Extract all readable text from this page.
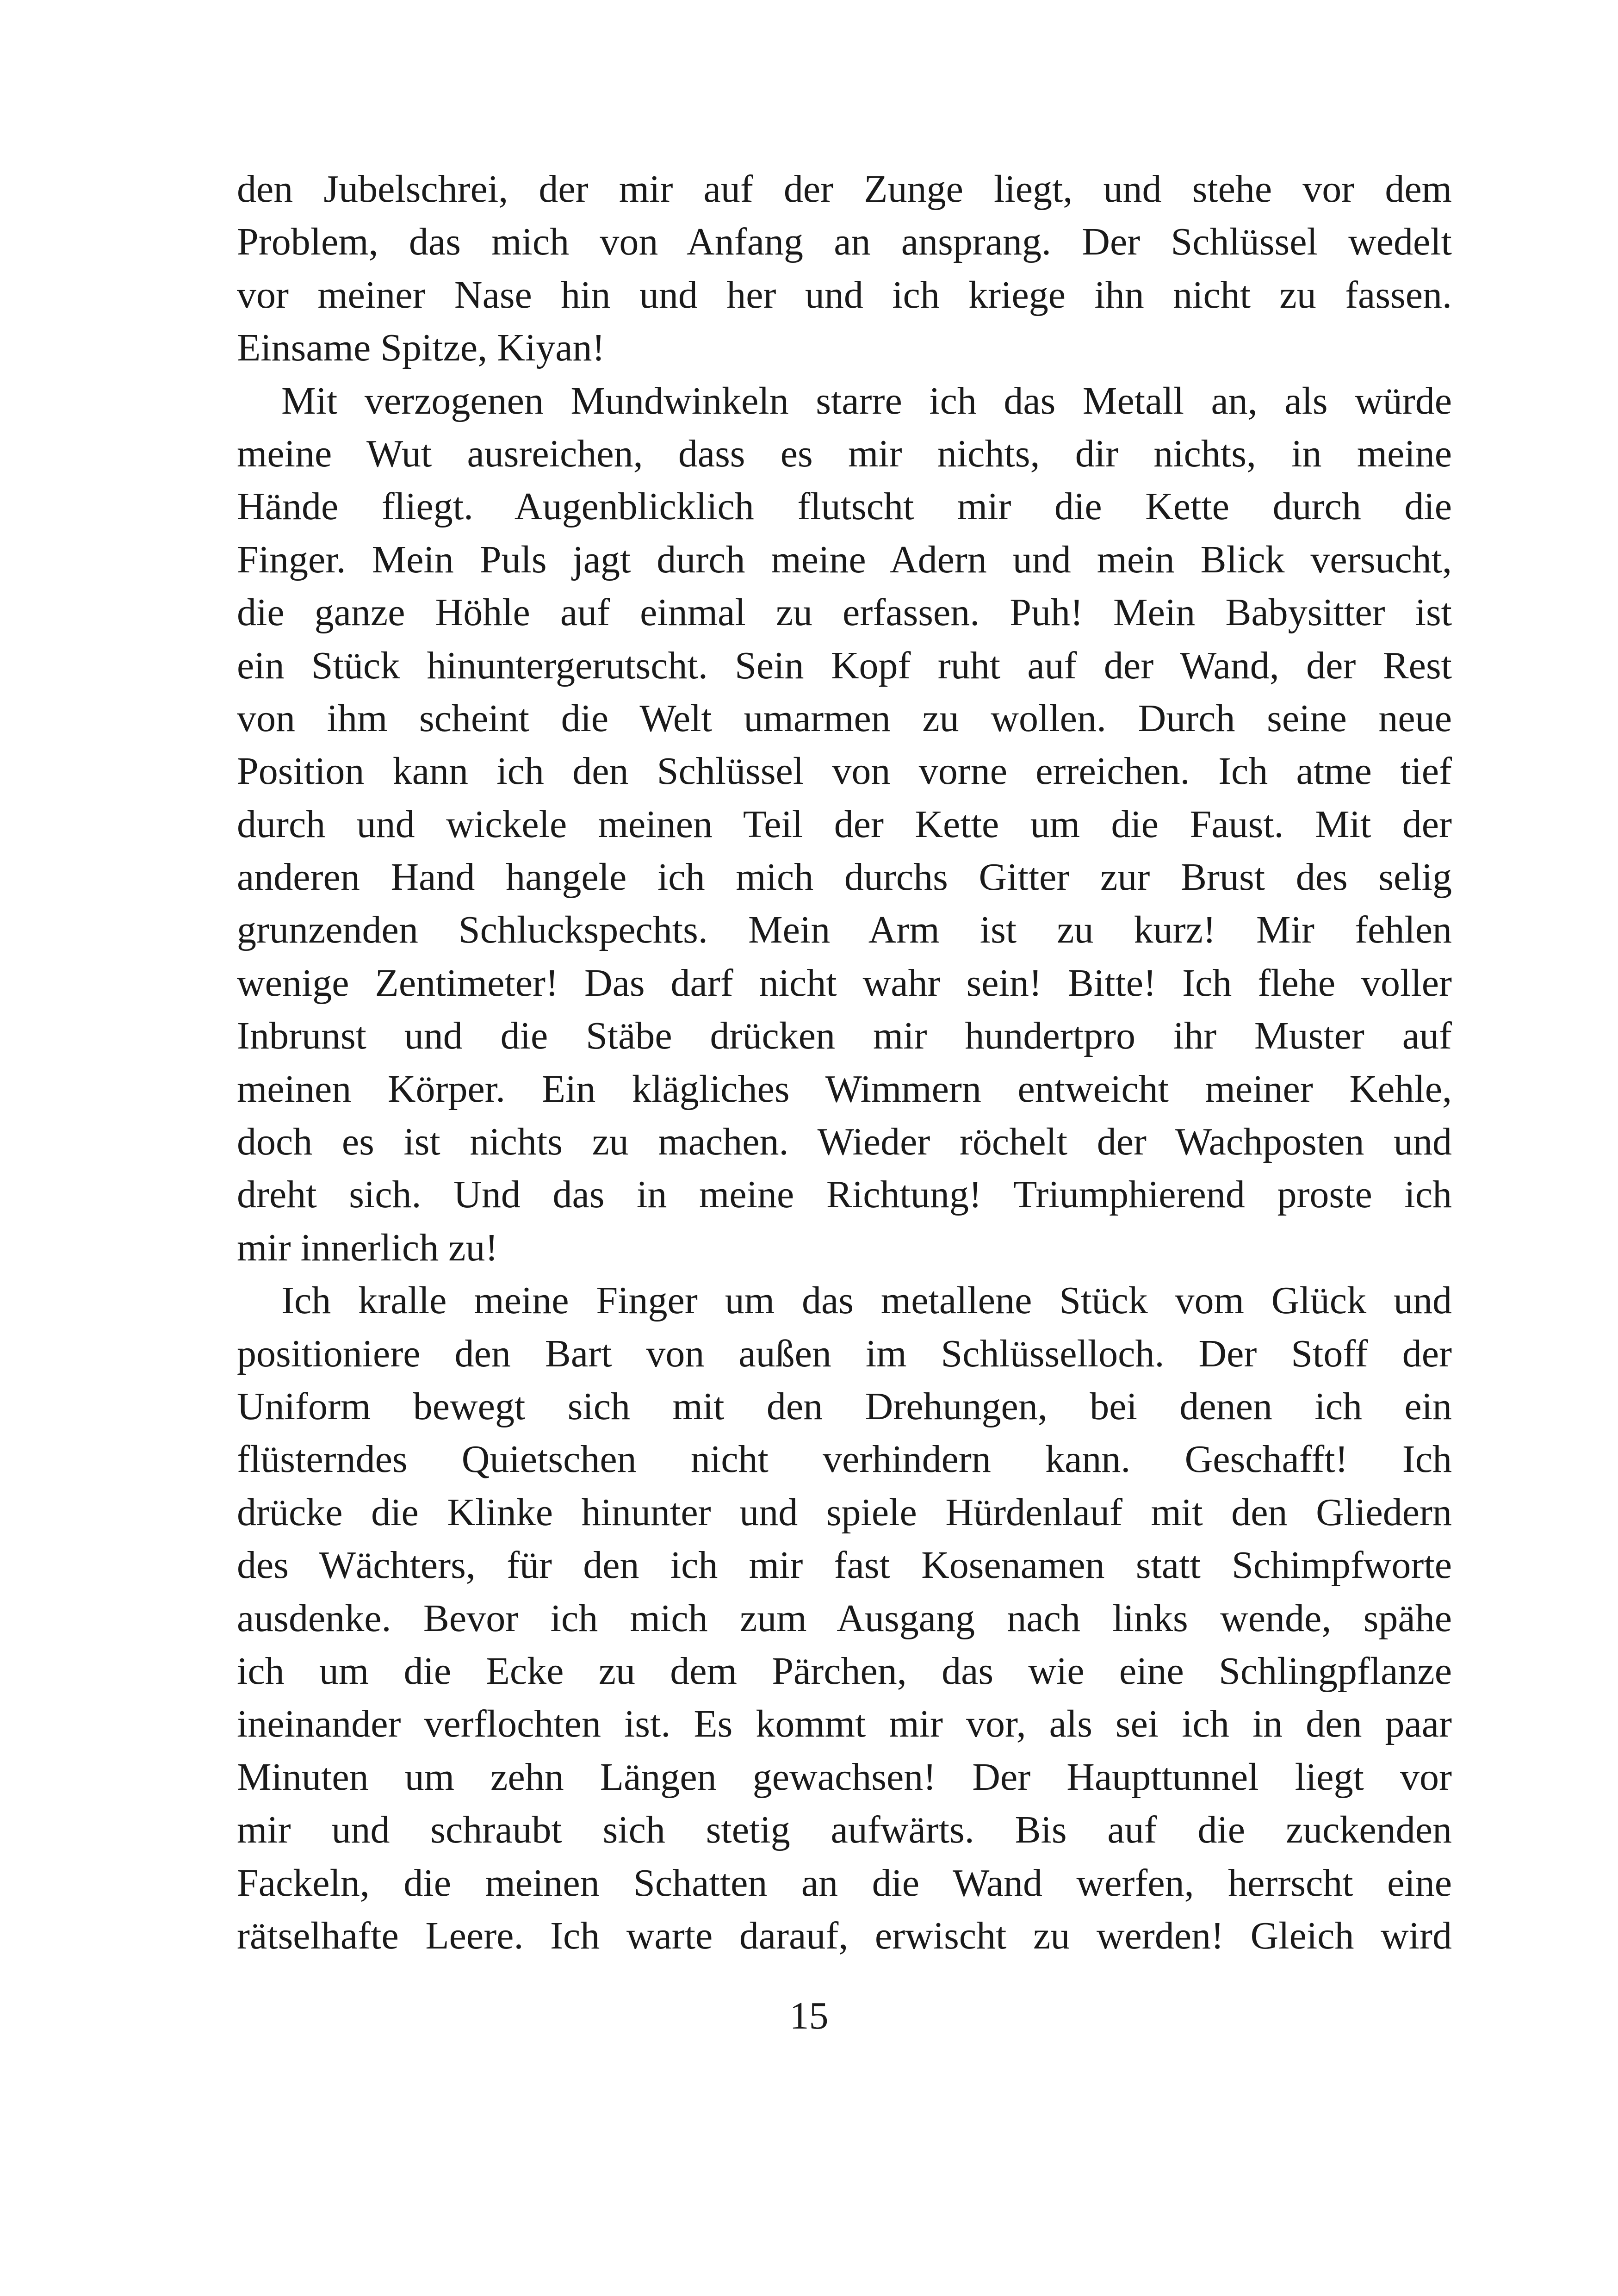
den Jubelschrei, der mir auf der Zunge liegt, und stehe vor dem
Problem, das mich von Anfang an ansprang. Der Schlüssel wedelt
vor meiner Nase hin und her und ich kriege ihn nicht zu fassen.
Einsame Spitze, Kiyan!
Mit verzogenen Mundwinkeln starre ich das Metall an, als würde
meine Wut ausreichen, dass es mir nichts, dir nichts, in meine
Hände fliegt. Augenblicklich flutscht mir die Kette durch die
Finger. Mein Puls jagt durch meine Adern und mein Blick versucht,
die ganze Höhle auf einmal zu erfassen. Puh! Mein Babysitter ist
ein Stück hinuntergerutscht. Sein Kopf ruht auf der Wand, der Rest
von ihm scheint die Welt umarmen zu wollen. Durch seine neue
Position kann ich den Schlüssel von vorne erreichen. Ich atme tief
durch und wickele meinen Teil der Kette um die Faust. Mit der
anderen Hand hangele ich mich durchs Gitter zur Brust des selig
grunzenden Schluckspechts. Mein Arm ist zu kurz! Mir fehlen
wenige Zentimeter! Das darf nicht wahr sein! Bitte! Ich flehe voller
Inbrunst und die Stäbe drücken mir hundertpro ihr Muster auf
meinen Körper. Ein klägliches Wimmern entweicht meiner Kehle,
doch es ist nichts zu machen. Wieder röchelt der Wachposten und
dreht sich. Und das in meine Richtung! Triumphierend proste ich
mir innerlich zu!
Ich kralle meine Finger um das metallene Stück vom Glück und
positioniere den Bart von außen im Schlüsselloch. Der Stoff der
Uniform bewegt sich mit den Drehungen, bei denen ich ein
flüsterndes Quietschen nicht verhindern kann. Geschafft! Ich
drücke die Klinke hinunter und spiele Hürdenlauf mit den Gliedern
des Wächters, für den ich mir fast Kosenamen statt Schimpfworte
ausdenke. Bevor ich mich zum Ausgang nach links wende, spähe
ich um die Ecke zu dem Pärchen, das wie eine Schlingpflanze
ineinander verflochten ist. Es kommt mir vor, als sei ich in den paar
Minuten um zehn Längen gewachsen! Der Haupttunnel liegt vor
mir und schraubt sich stetig aufwärts. Bis auf die zuckenden
Fackeln, die meinen Schatten an die Wand werfen, herrscht eine
rätselhafte Leere. Ich warte darauf, erwischt zu werden! Gleich wird
15
